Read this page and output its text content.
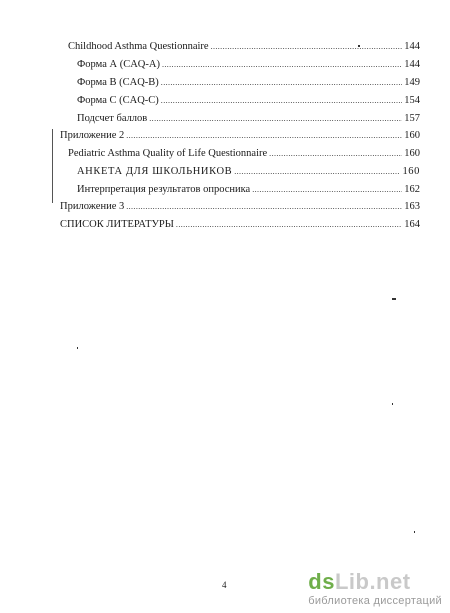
Childhood Asthma Questionnaire .....	144
Форма А (CAQ-A) .....	144
Форма В (CAQ-B) .....	149
Форма С (CAQ-C) .....	154
Подсчет баллов .....	157
Приложение 2 .....	160
Pediatric Asthma Quality of Life Questionnaire .....	160
АНКЕТА ДЛЯ ШКОЛЬНИКОВ .....	160
Интерпретация результатов опросника .....	162
Приложение 3 .....	163
СПИСОК ЛИТЕРАТУРЫ .....	164
4	dsLib.net
библиотека диссертаций
